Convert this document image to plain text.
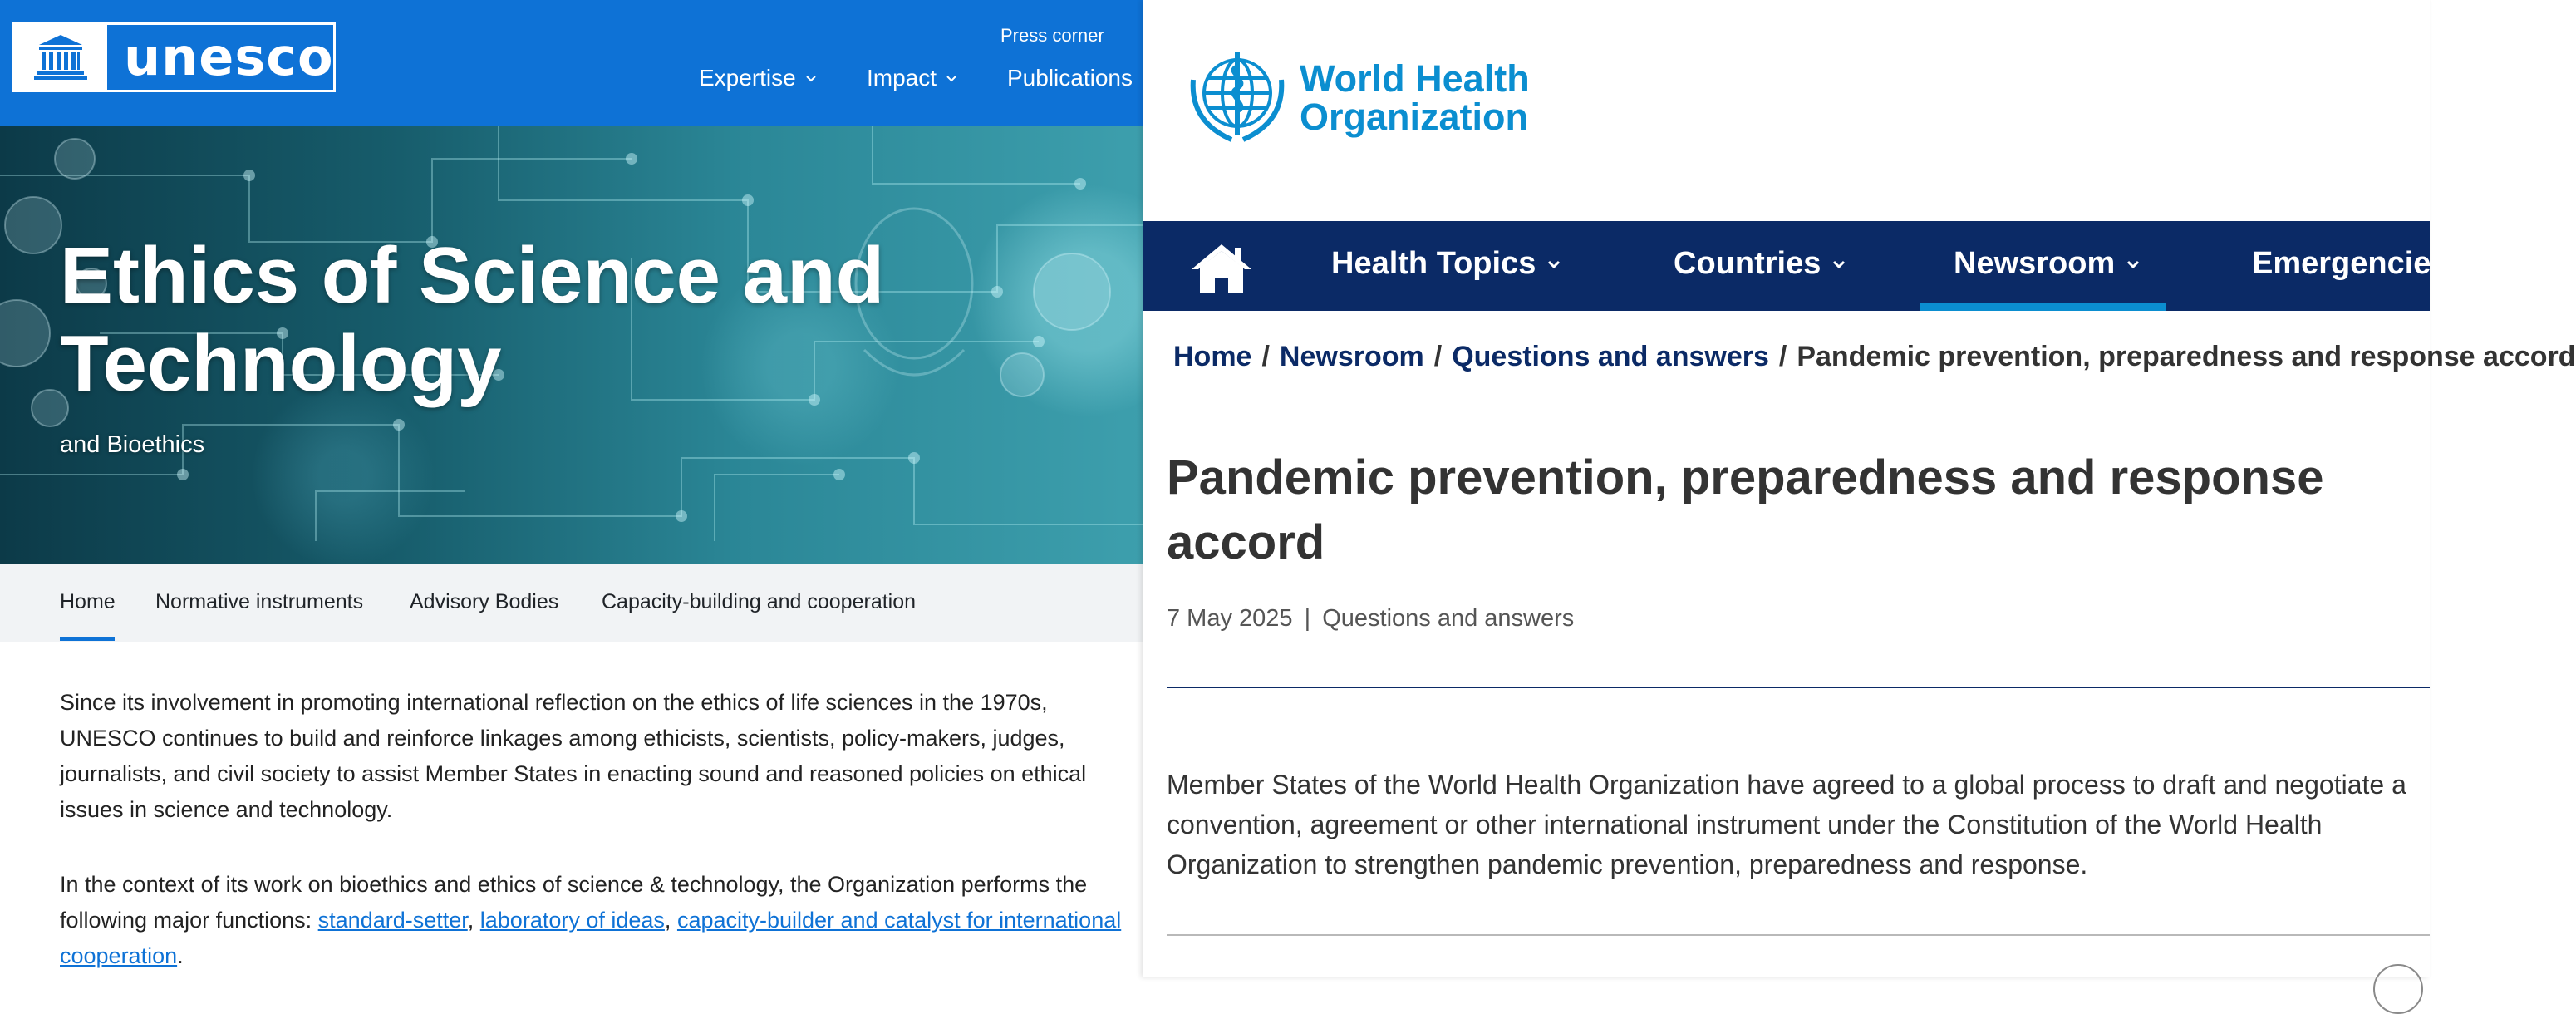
unesco	Press corner
Expertise	Impact	Publications
Ethics of Science and Technology
and Bioethics
Home Normative instruments Advisory Bodies Capacity-building and cooperation

Since its involvement in promoting international reflection on the ethics of life sciences in the 1970s, UNESCO continues to build and reinforce linkages among ethicists, scientists, policy-makers, judges, journalists, and civil society to assist Member States in enacting sound and reasoned policies on ethical issues in science and technology.

In the context of its work on bioethics and ethics of science & technology, the Organization performs the following major functions: standard-setter, laboratory of ideas, capacity-builder and catalyst for international cooperation.

World Health
Organization
Health Topics	Countries	Newsroom	Emergencies
Home / Newsroom / Questions and answers / Pandemic prevention, preparedness and response accord
Pandemic prevention, preparedness and response accord
7 May 2025 | Questions and answers

Member States of the World Health Organization have agreed to a global process to draft and negotiate a convention, agreement or other international instrument under the Constitution of the World Health Organization to strengthen pandemic prevention, preparedness and response.
